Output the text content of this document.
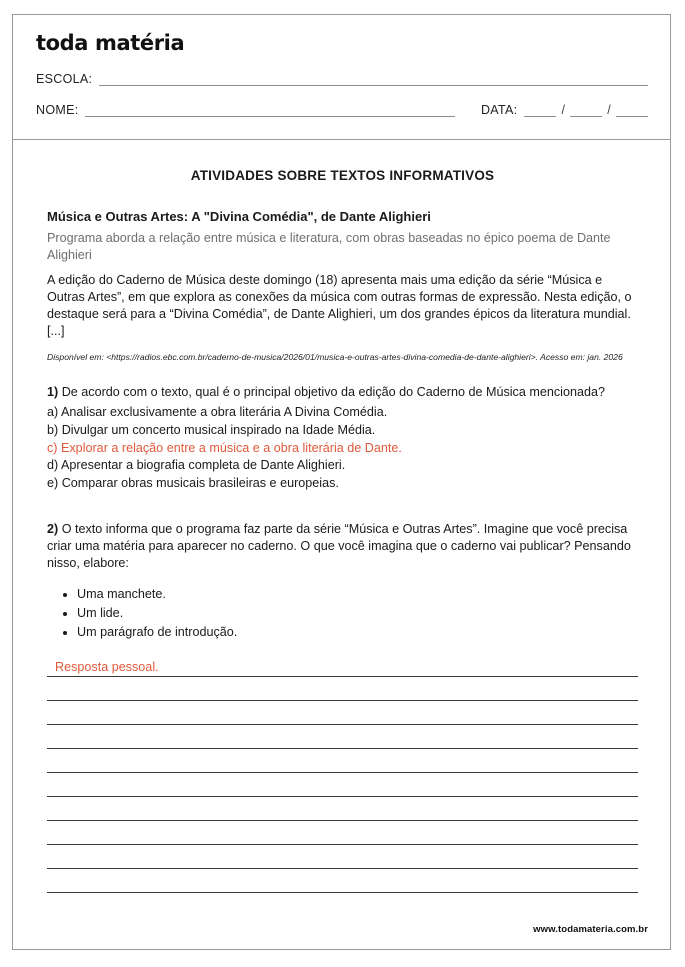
toda matéria
ESCOLA:
NOME:	DATA:	/	/
ATIVIDADES SOBRE TEXTOS INFORMATIVOS
Música e Outras Artes: A "Divina Comédia", de Dante Alighieri
Programa aborda a relação entre música e literatura, com obras baseadas no épico poema de Dante Alighieri

A edição do Caderno de Música deste domingo (18) apresenta mais uma edição da série “Música e Outras Artes”, em que explora as conexões da música com outras formas de expressão. Nesta edição, o destaque será para a “Divina Comédia”, de Dante Alighieri, um dos grandes épicos da literatura mundial.

[...]

Disponível em: <https://radios.ebc.com.br/caderno-de-musica/2026/01/musica-e-outras-artes-divina-comedia-de-dante-alighieri>. Acesso em: jan. 2026

1) De acordo com o texto, qual é o principal objetivo da edição do Caderno de Música mencionada?

a) Analisar exclusivamente a obra literária A Divina Comédia.
b) Divulgar um concerto musical inspirado na Idade Média.
c) Explorar a relação entre a música e a obra literária de Dante.
d) Apresentar a biografia completa de Dante Alighieri.
e) Comparar obras musicais brasileiras e europeias.

2) O texto informa que o programa faz parte da série “Música e Outras Artes”. Imagine que você precisa criar uma matéria para aparecer no caderno. O que você imagina que o caderno vai publicar? Pensando nisso, elabore:

• Uma manchete.
• Um lide.
• Um parágrafo de introdução.
Resposta pessoal.
www.todamateria.com.br
